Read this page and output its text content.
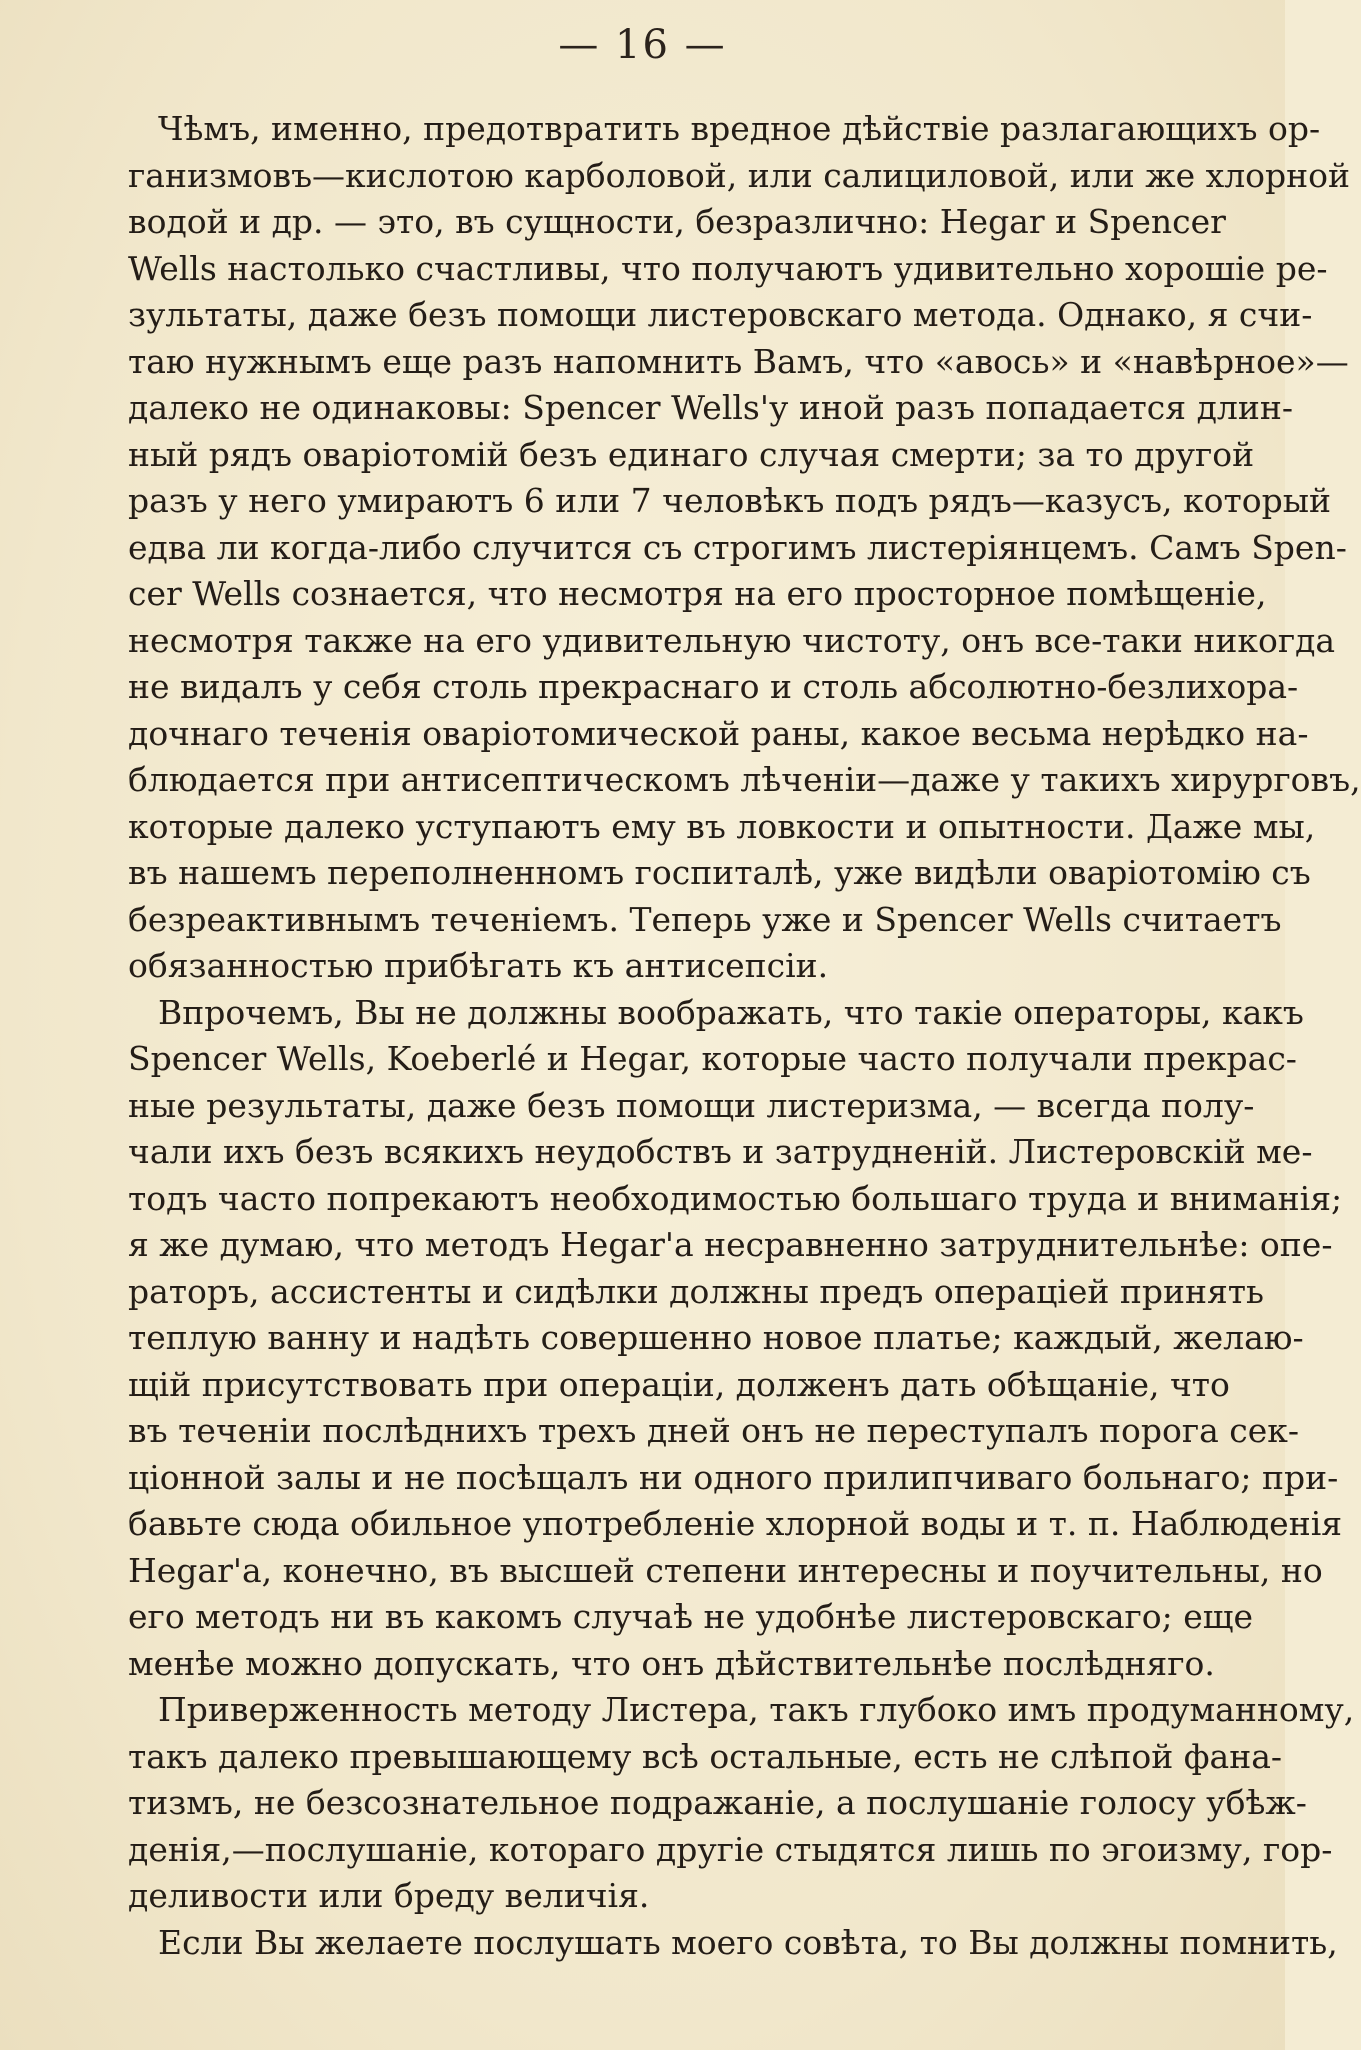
— 16 —
Чѣмъ, именно, предотвратить вредное дѣйствіе разлагающихъ ор-
ганизмовъ—кислотою карболовой, или салициловой, или же хлорной
водой и др. — это, въ сущности, безразлично: Hegar и Spencer
Wells настолько счастливы, что получаютъ удивительно хорошіе ре-
зультаты, даже безъ помощи листеровскаго метода. Однако, я счи-
таю нужнымъ еще разъ напомнить Вамъ, что «авось» и «навѣрное»—
далеко не одинаковы: Spencer Wells'у иной разъ попадается длин-
ный рядъ оваріотомій безъ единаго случая смерти; за то другой
разъ у него умираютъ 6 или 7 человѣкъ подъ рядъ—казусъ, который
едва ли когда-либо случится съ строгимъ листеріянцемъ. Самъ Spen-
cer Wells сознается, что несмотря на его просторное помѣщеніе,
несмотря также на его удивительную чистоту, онъ все-таки никогда
не видалъ у себя столь прекраснаго и столь абсолютно-безлихора-
дочнаго теченія оваріотомической раны, какое весьма нерѣдко на-
блюдается при антисептическомъ лѣченіи—даже у такихъ хирурговъ,
которые далеко уступаютъ ему въ ловкости и опытности. Даже мы,
въ нашемъ переполненномъ госпиталѣ, уже видѣли оваріотомію съ
безреактивнымъ теченіемъ. Теперь уже и Spencer Wells считаетъ
обязанностью прибѣгать къ антисепсіи.
Впрочемъ, Вы не должны воображать, что такіе операторы, какъ
Spencer Wells, Koeberlé и Hegar, которые часто получали прекрас-
ные результаты, даже безъ помощи листеризма, — всегда полу-
чали ихъ безъ всякихъ неудобствъ и затрудненій. Листеровскій ме-
тодъ часто попрекаютъ необходимостью большаго труда и вниманія;
я же думаю, что методъ Hegar'а несравненно затруднительнѣе: опе-
раторъ, ассистенты и сидѣлки должны предъ операціей принять
теплую ванну и надѣть совершенно новое платье; каждый, желаю-
щій присутствовать при операціи, долженъ дать обѣщаніе, что
въ теченіи послѣднихъ трехъ дней онъ не переступалъ порога сек-
ціонной залы и не посѣщалъ ни одного прилипчиваго больнаго; при-
бавьте сюда обильное употребленіе хлорной воды и т. п. Наблюденія
Hegar'а, конечно, въ высшей степени интересны и поучительны, но
его методъ ни въ какомъ случаѣ не удобнѣе листеровскаго; еще
менѣе можно допускать, что онъ дѣйствительнѣе послѣдняго.
Приверженность методу Листера, такъ глубоко имъ продуманному,
такъ далеко превышающему всѣ остальные, есть не слѣпой фана-
тизмъ, не безсознательное подражаніе, а послушаніе голосу убѣж-
денія,—послушаніе, котораго другіе стыдятся лишь по эгоизму, гор-
деливости или бреду величія.
Если Вы желаете послушать моего совѣта, то Вы должны помнить,
